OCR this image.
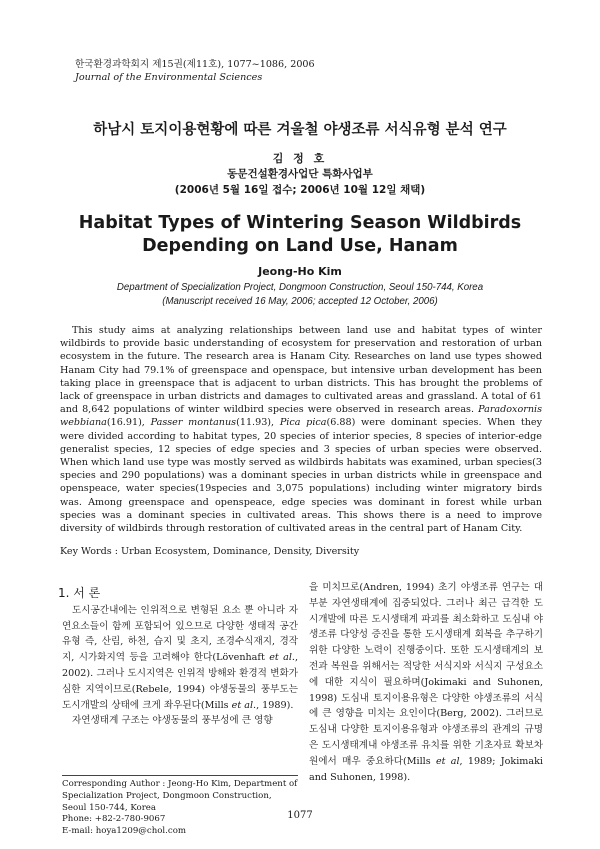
한국환경과학회지 제15권(제11호), 1077~1086, 2006
Journal of the Environmental Sciences
하남시 토지이용현황에 따른 겨울철 야생조류 서식유형 분석 연구
김 정 호
동문건설환경사업단 특화사업부
(2006년 5월 16일 접수; 2006년 10월 12일 채택)
Habitat Types of Wintering Season Wildbirds
Depending on Land Use, Hanam
Jeong-Ho Kim
Department of Specialization Project, Dongmoon Construction, Seoul 150-744, Korea
(Manuscript received 16 May, 2006; accepted 12 October, 2006)
This study aims at analyzing relationships between land use and habitat types of winter wildbirds to provide basic understanding of ecosystem for preservation and restoration of urban ecosystem in the future. The research area is Hanam City. Researches on land use types showed Hanam City had 79.1% of greenspace and openspace, but intensive urban development has been taking place in greenspace that is adjacent to urban districts. This has brought the problems of lack of greenspace in urban districts and damages to cultivated areas and grassland. A total of 61 and 8,642 populations of winter wildbird species were observed in research areas. Paradoxornis webbiana(16.91), Passer montanus(11.93), Pica pica(6.88) were dominant species. When they were divided according to habitat types, 20 species of interior species, 8 species of interior-edge generalist species, 12 species of edge species and 3 species of urban species were observed. When which land use type was mostly served as wildbirds habitats was examined, urban species(3 species and 290 populations) was a dominant species in urban districts while in greenspace and openspeace, water species(19species and 3,075 populations) including winter migratory birds was. Among greenspace and openspeace, edge species was dominant in forest while urban species was a dominant species in cultivated areas. This shows there is a need to improve diversity of wildbirds through restoration of cultivated areas in the central part of Hanam City.
Key Words : Urban Ecosystem, Dominance, Density, Diversity
1. 서 론

도시공간내에는 인위적으로 변형된 요소 뿐 아니라 자연요소들이 함께 포함되어 있으므로 다양한 생태적 공간유형 즉, 산림, 하천, 습지 및 초지, 조경수식재지, 경작지, 시가화지역 등을 고려해야 한다(Lövenhaft et al., 2002). 그러나 도시지역은 인위적 방해와 환경적 변화가 심한 지역이므로(Rebele, 1994) 야생동물의 풍부도는 도시개발의 상태에 크게 좌우된다(Mills et al., 1989).

자연생태계 구조는 야생동물의 풍부성에 큰 영향

을 미치므로(Andren, 1994) 초기 야생조류 연구는 대부분 자연생태계에 집중되었다. 그러나 최근 급격한 도시개발에 따른 도시생태계 파괴를 최소화하고 도심내 야생조류 다양성 증진을 통한 도시생태계 회복을 추구하기 위한 다양한 노력이 진행중이다. 또한 도시생태계의 보전과 복원을 위해서는 적당한 서식지와 서식지 구성요소에 대한 지식이 필요하며(Jokimaki and Suhonen, 1998) 도심내 토지이용유형은 다양한 야생조류의 서식에 큰 영향을 미치는 요인이다(Berg, 2002). 그러므로 도심내 다양한 토지이용유형과 야생조류의 관계의 규명은 도시생태계내 야생조류 유치를 위한 기초자료 확보차원에서 매우 중요하다(Mills et al, 1989; Jokimaki and Suhonen, 1998).

Corresponding Author : Jeong-Ho Kim, Department of Specialization Project, Dongmoon Construction, Seoul 150-744, Korea
Phone: +82-2-780-9067
E-mail: hoya1209@chol.com
1077
